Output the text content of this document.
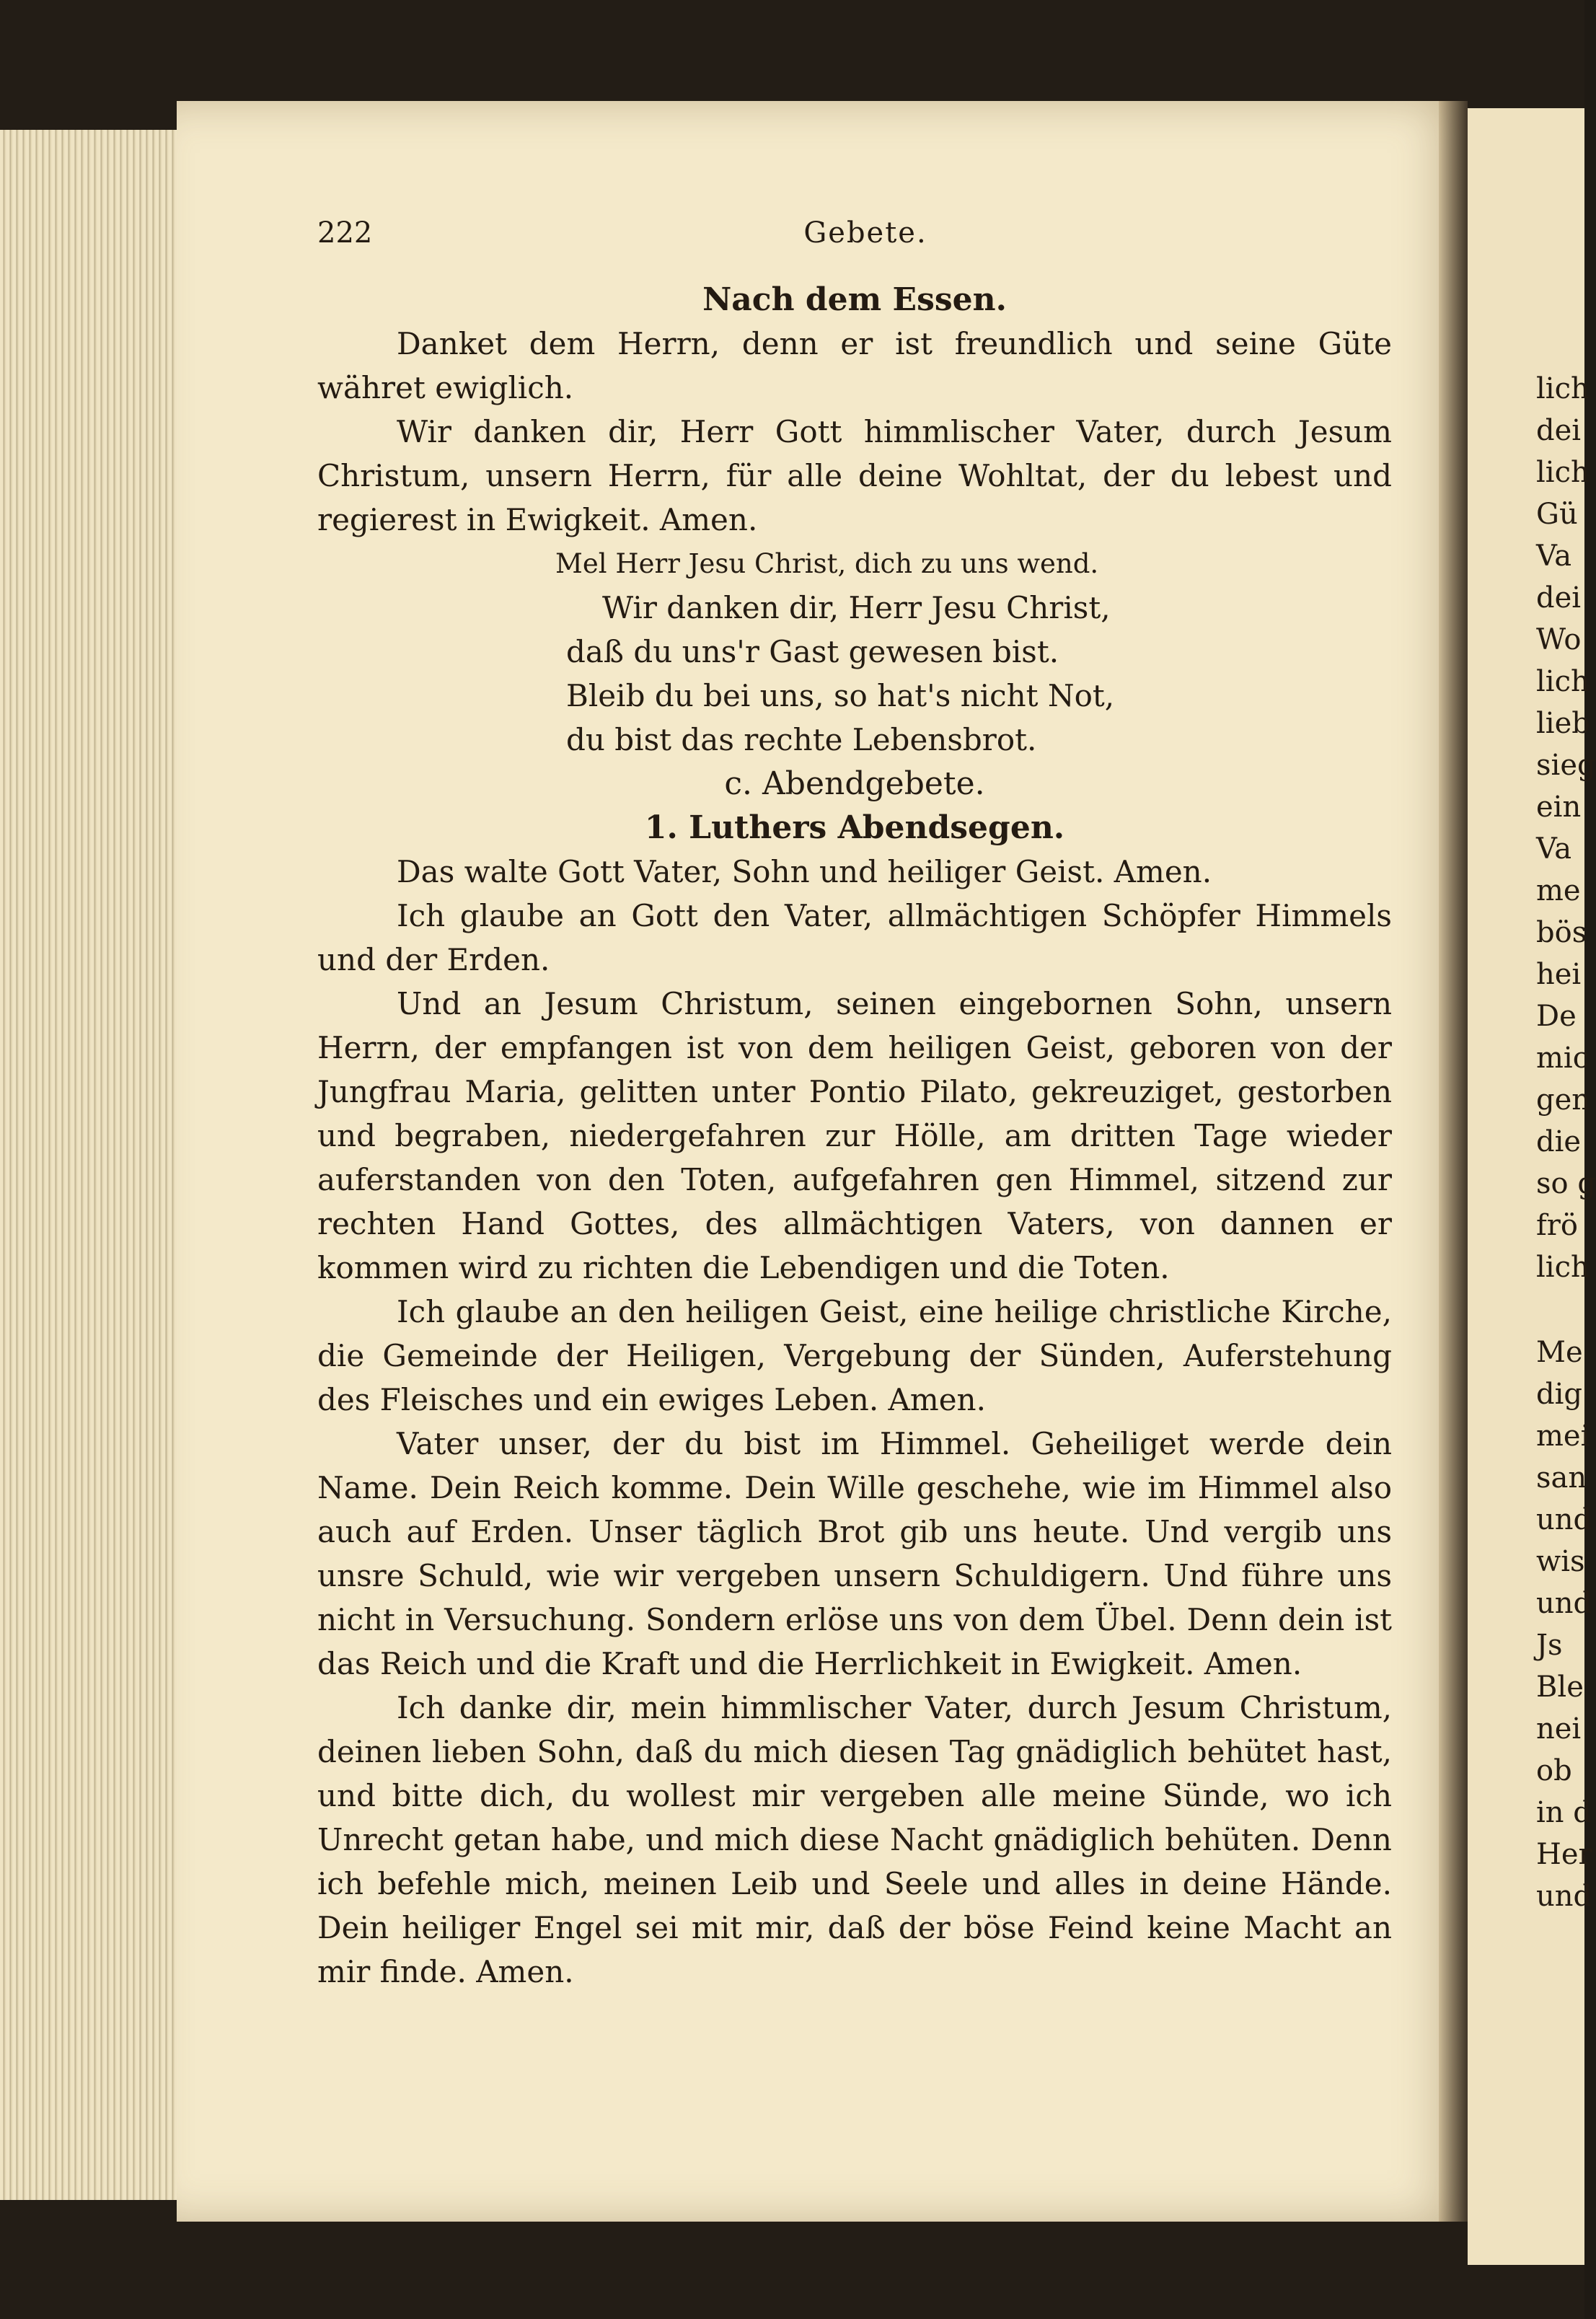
222	Gebete.
Nach dem Essen.

Danket dem Herrn, denn er ist freundlich und seine Güte währet ewiglich.

Wir danken dir, Herr Gott himmlischer Vater, durch Jesum Christum, unsern Herrn, für alle deine Wohltat, der du lebest und regierest in Ewigkeit. Amen.

Mel Herr Jesu Christ, dich zu uns wend.
Wir danken dir, Herr Jesu Christ,
daß du uns'r Gast gewesen bist.
Bleib du bei uns, so hat's nicht Not,
du bist das rechte Lebensbrot.
c. Abendgebete.
1. Luthers Abendsegen.

Das walte Gott Vater, Sohn und heiliger Geist. Amen.

Ich glaube an Gott den Vater, allmächtigen Schöpfer Himmels und der Erden.

Und an Jesum Christum, seinen eingebornen Sohn, unsern Herrn, der empfangen ist von dem heiligen Geist, geboren von der Jungfrau Maria, gelitten unter Pontio Pilato, gekreuziget, gestorben und begraben, niedergefahren zur Hölle, am dritten Tage wieder auferstanden von den Toten, aufgefahren gen Himmel, sitzend zur rechten Hand Gottes, des allmächtigen Vaters, von dannen er kommen wird zu richten die Lebendigen und die Toten.

Ich glaube an den heiligen Geist, eine heilige christliche Kirche, die Gemeinde der Heiligen, Vergebung der Sünden, Auferstehung des Fleisches und ein ewiges Leben. Amen.

Vater unser, der du bist im Himmel. Geheiliget werde dein Name. Dein Reich komme. Dein Wille geschehe, wie im Himmel also auch auf Erden. Unser täglich Brot gib uns heute. Und vergib uns unsre Schuld, wie wir vergeben unsern Schuldigern. Und führe uns nicht in Versuchung. Sondern erlöse uns von dem Übel. Denn dein ist das Reich und die Kraft und die Herrlichkeit in Ewigkeit. Amen.

Ich danke dir, mein himmlischer Vater, durch Jesum Christum, deinen lieben Sohn, daß du mich diesen Tag gnädiglich behütet hast, und bitte dich, du wollest mir vergeben alle meine Sünde, wo ich Unrecht getan habe, und mich diese Nacht gnädiglich behüten. Denn ich befehle mich, meinen Leib und Seele und alles in deine Hände. Dein heiliger Engel sei mit mir, daß der böse Feind keine Macht an mir finde. Amen.

lich
dei
lich
Gü
Va
dei
Wo
lich
lieb
sieg
ein
Va
me
bös
hei
De
mic
gen
die
so g
frö
lich
Me
dig
mei
san
und
wis
und
Js
Ble
nei
ob
in d
Her
und
